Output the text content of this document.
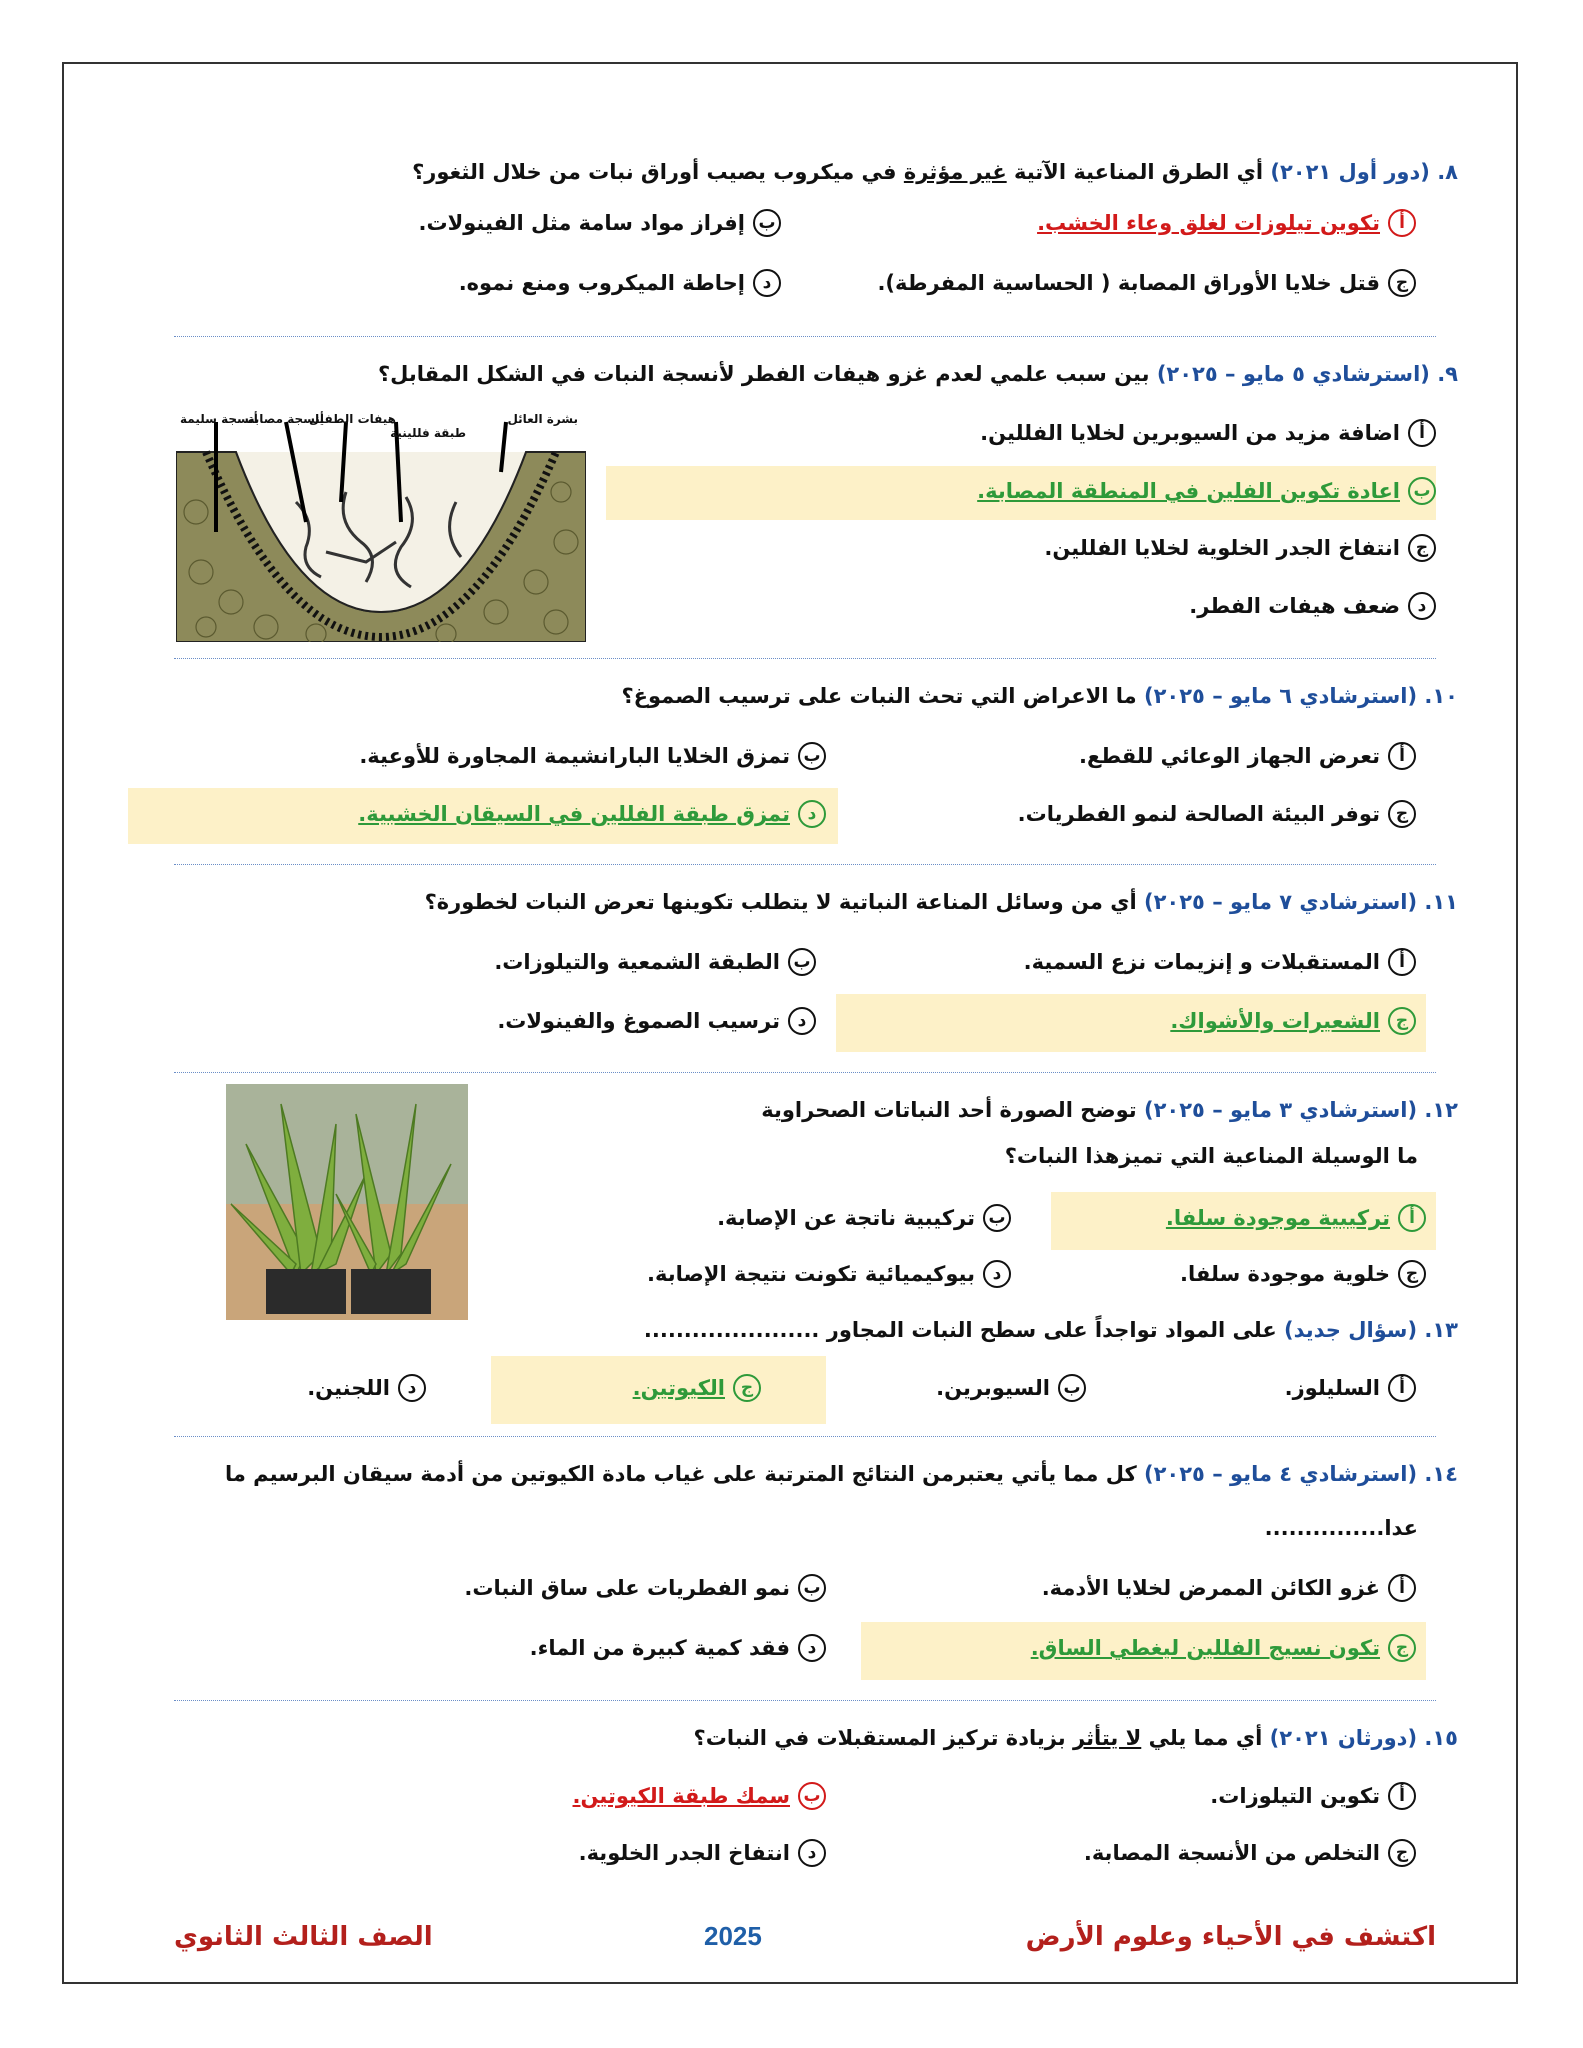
٨. (دور أول ٢٠٢١) أي الطرق المناعية الآتية غير مؤثرة في ميكروب يصيب أوراق نبات من خلال الثغور؟
أ
تكوين تيلوزات لغلق وعاء الخشب.
ب
إفراز مواد سامة مثل الفينولات.
ج
قتل خلايا الأوراق المصابة ( الحساسية المفرطة).
د
إحاطة الميكروب ومنع نموه.
٩. (استرشادي ٥ مايو – ٢٠٢٥) بين سبب علمي لعدم غزو هيفات الفطر لأنسجة النبات في الشكل المقابل؟
بشرة العائل
طبقة فللينية
هيفات الطفيل
أنسجة مصابة
أنسجة سليمة
أ
اضافة مزيد من السيوبرين لخلايا الفللين.
ب
اعادة تكوين الفلين في المنطقة المصابة.
ج
انتفاخ الجدر الخلوية لخلايا الفللين.
د
ضعف هيفات الفطر.
١٠. (استرشادي ٦ مايو – ٢٠٢٥) ما الاعراض التي تحث النبات على ترسيب الصموغ؟
أ
تعرض الجهاز الوعائي للقطع.
ب
تمزق الخلايا البارانشيمة المجاورة للأوعية.
ج
توفر البيئة الصالحة لنمو الفطريات.
د
تمزق طبقة الفللين في السيقان الخشبية.
١١. (استرشادي ٧ مايو – ٢٠٢٥) أي من وسائل المناعة النباتية لا يتطلب تكوينها تعرض النبات لخطورة؟
أ
المستقبلات و إنزيمات نزع السمية.
ب
الطبقة الشمعية والتيلوزات.
ج
الشعيرات والأشواك.
د
ترسيب الصموغ والفينولات.
١٢. (استرشادي ٣ مايو – ٢٠٢٥) توضح الصورة أحد النباتات الصحراوية
ما الوسيلة المناعية التي تميزهذا النبات؟
أ
تركيبية موجودة سلفا.
ب
تركيبية ناتجة عن الإصابة.
ج
خلوية موجودة سلفا.
د
بيوكيميائية تكونت نتيجة الإصابة.
١٣. (سؤال جديد) على المواد تواجداً على سطح النبات المجاور ......................
أ
السليلوز.
ب
السيوبرين.
ج
الكيوتين.
د
اللجنين.
١٤. (استرشادي ٤ مايو – ٢٠٢٥) كل مما يأتي يعتبرمن النتائج المترتبة على غياب مادة الكيوتين من أدمة سيقان البرسيم ما
عدا...............
أ
غزو الكائن الممرض لخلايا الأدمة.
ب
نمو الفطريات على ساق النبات.
ج
تكون نسيج الفللين ليغطي الساق.
د
فقد كمية كبيرة من الماء.
١٥. (دورثان ٢٠٢١) أي مما يلي لا يتأثر بزيادة تركيز المستقبلات في النبات؟
أ
تكوين التيلوزات.
ب
سمك طبقة الكيوتين.
ج
التخلص من الأنسجة المصابة.
د
انتفاخ الجدر الخلوية.
اكتشف في الأحياء وعلوم الأرض
2025
الصف الثالث الثانوي
